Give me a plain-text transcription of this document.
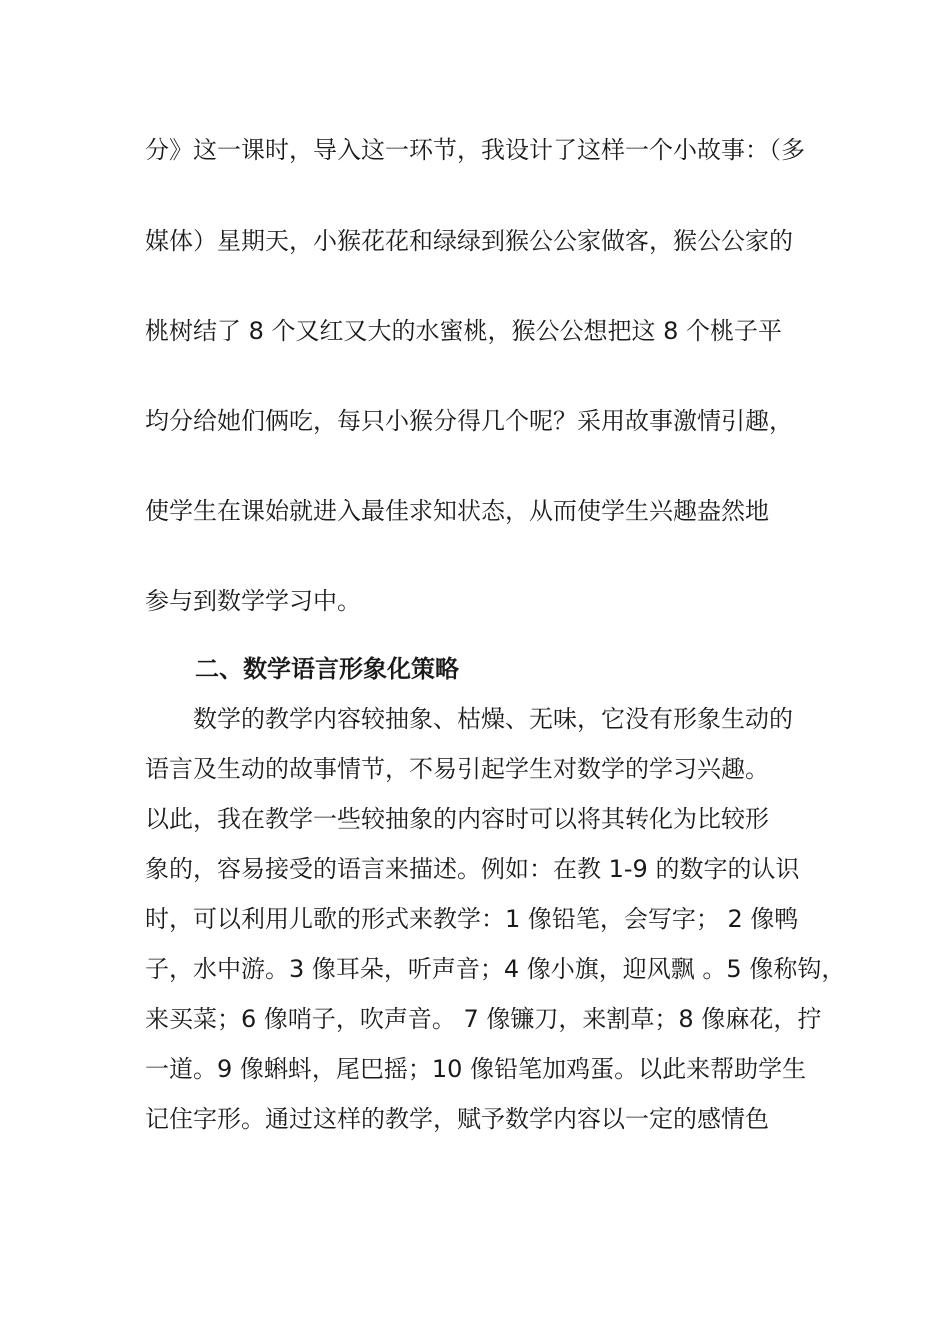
分》这一课时，导入这一环节，我设计了这样一个小故事：（多
媒体）星期天，小猴花花和绿绿到猴公公家做客，猴公公家的
桃树结了 8 个又红又大的水蜜桃，猴公公想把这 8 个桃子平
均分给她们俩吃，每只小猴分得几个呢？采用故事激情引趣，
使学生在课始就进入最佳求知状态，从而使学生兴趣盎然地
参与到数学学习中。
二、数学语言形象化策略
　　数学的教学内容较抽象、枯燥、无味，它没有形象生动的
语言及生动的故事情节，不易引起学生对数学的学习兴趣。
以此，我在教学一些较抽象的内容时可以将其转化为比较形
象的，容易接受的语言来描述。例如：在教 1-9 的数字的认识
时，可以利用儿歌的形式来教学：1 像铅笔，会写字； 2 像鸭
子，水中游。3 像耳朵，听声音；4 像小旗，迎风飘 。5 像称钩，
来买菜；6 像哨子，吹声音。 7 像镰刀，来割草；8 像麻花，拧
一道。9 像蝌蚪，尾巴摇；10 像铅笔加鸡蛋。以此来帮助学生
记住字形。通过这样的教学，赋予数学内容以一定的感情色
